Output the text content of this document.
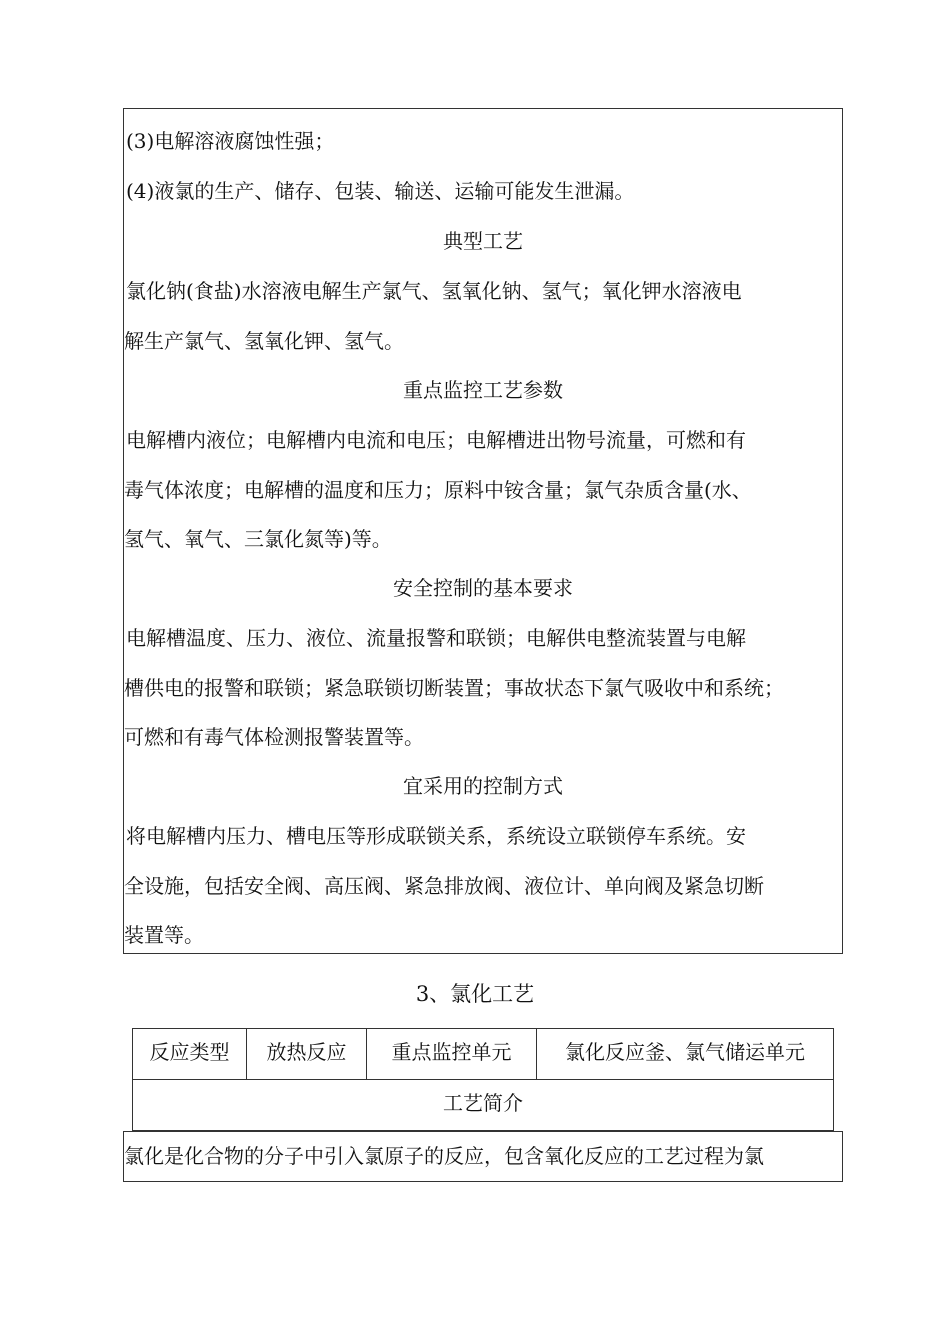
(3)电解溶液腐蚀性强；
(4)液氯的生产、储存、包装、输送、运输可能发生泄漏。
典型工艺
氯化钠(食盐)水溶液电解生产氯气、氢氧化钠、氢气；氧化钾水溶液电
解生产氯气、氢氧化钾、氢气。
重点监控工艺参数
电解槽内液位；电解槽内电流和电压；电解槽进出物号流量，可燃和有
毒气体浓度；电解槽的温度和压力；原料中铵含量；氯气杂质含量(水、
氢气、氧气、三氯化氮等)等。
安全控制的基本要求
电解槽温度、压力、液位、流量报警和联锁；电解供电整流装置与电解
槽供电的报警和联锁；紧急联锁切断装置；事故状态下氯气吸收中和系统；
可燃和有毒气体检测报警装置等。
宜采用的控制方式
将电解槽内压力、槽电压等形成联锁关系，系统设立联锁停车系统。安
全设施，包括安全阀、高压阀、紧急排放阀、液位计、单向阀及紧急切断
装置等。
3、氯化工艺
反应类型	放热反应	重点监控单元	氯化反应釜、氯气储运单元
工艺简介
氯化是化合物的分子中引入氯原子的反应，包含氧化反应的工艺过程为氯
